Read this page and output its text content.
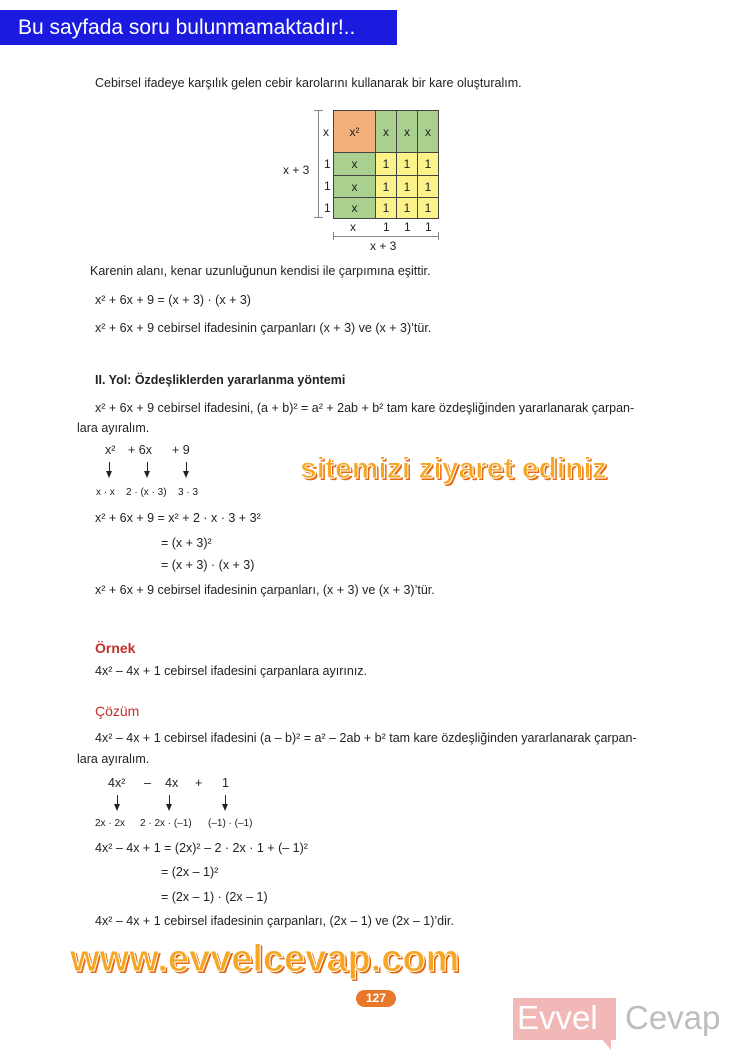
Bu sayfada soru bulunmamaktadır!..
Cebirsel ifadeye karşılık gelen cebir karolarını kullanarak bir kare oluşturalım.
x + 3
x
1
1
1
x²	x	x	x
x	1	1	1
x	1	1	1
x	1	1	1
x 1 1 1
x + 3
Karenin alanı, kenar uzunluğunun kendisi ile çarpımına eşittir.
x² + 6x + 9 = (x + 3) · (x + 3)
x² + 6x + 9 cebirsel ifadesinin çarpanları (x + 3) ve (x + 3)’tür.
II. Yol: Özdeşliklerden yararlanma yöntemi
x² + 6x + 9 cebirsel ifadesini, (a + b)² = a² + 2ab + b² tam kare özdeşliğinden yararlanarak çarpan-
lara ayıralım.
x² + 6x + 9
x · x 2 · (x · 3) 3 · 3
x² + 6x + 9 = x² + 2 · x · 3 + 3²
= (x + 3)²
= (x + 3) · (x + 3)
x² + 6x + 9 cebirsel ifadesinin çarpanları, (x + 3) ve (x + 3)’tür.
Örnek
4x² – 4x + 1 cebirsel ifadesini çarpanlara ayırınız.
Çözüm
4x² – 4x + 1 cebirsel ifadesini (a – b)² = a² – 2ab + b² tam kare özdeşliğinden yararlanarak çarpan-
lara ayıralım.
4x² – 4x + 1
2x · 2x 2 · 2x · (–1) (–1) · (–1)
4x² – 4x + 1 = (2x)² – 2 · 2x · 1 + (– 1)²
= (2x – 1)²
= (2x – 1) · (2x – 1)
4x² – 4x + 1 cebirsel ifadesinin çarpanları, (2x – 1) ve (2x – 1)’dir.
sitemizi ziyaret ediniz
www.evvelcevap.com
127
Evvel Cevap
